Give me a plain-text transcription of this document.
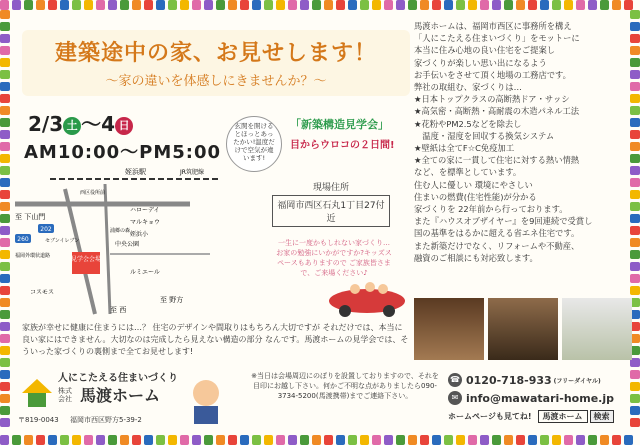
建築途中の家、お見せします！
～家の違いを体感しにきませんか？～
2/3 土 ～4 日
AM10:00～PM5:00
玄関を開けるとほっとあったかい!温度だけで空気が違います!
「新築構造見学会」
目からウロコの２日間!
見学会会場
姪浜駅	JR筑肥線
至 下山門
福岡外環状道路
西区役所前
ハローデイ
マルキョウ
姪浜小
セブンイレブン	中央公園
ルミエール
コスモス
至 西
至 野方
浦郷の森
202
260
現場住所
福岡市西区石丸1丁目27付近
一生に一度かもしれない家づくり…お家の勉強にいかがですか?キッズスペースもありますので ご家族皆さまで、ご来場ください♪
馬渡ホームは、福岡市西区に事務所を構え
「人にこたえる住まいづくり」をモットーに
本当に住み心地の良い住宅をご提案し
家づくりが楽しい思い出になるよう
お手伝いをさせて頂く地場の工務店です。
弊社の取組む、家づくりは…
★日本トップクラスの高断熱ドア・サッシ
★高気密・高断熱・高耐震の木造パネル工法
★花粉やPM2.5などを除去し
　温度・湿度を回収する換気システム
★壁紙は全てF☆C免疫加工
★全ての家に一貫して住宅に対する熱い情熱
など、を標準としています。
住む人に優しい 環境にやさしい
住まいの燃費(住宅性能)が分かる
家づくりを 22年前から行っております。
また『ハウスオブザイヤー』を9回連続で受賞し
国の基準をはるかに超える省エネ住宅です。
また新築だけでなく、リフォームや不動産、
融資のご相談にも対応致します。
家族が幸せに健康に住まうには…？ 住宅のデザインや間取りはもちろん大切ですが それだけでは、本当に良い家にはできません。大切なのは完成したら見えない構造の部分 なんです。馬渡ホームの見学会では、そういった家づくりの裏側まで全てお見せします!
人にこたえる住まいづくり
株式会社 馬渡ホーム
〒819-0043 福岡市西区野方5-39-2
※当日は会場周辺にのぼりを設置しておりますので、それを目印にお越し下さい。何かご不明な点がありましたら090-3734-5200(馬渡携帯)までご連絡下さい。
☎ 0120-718-933 (フリーダイヤル)
✉ info@mawatari-home.jp
ホームページも見てね!	馬渡ホーム	検索
